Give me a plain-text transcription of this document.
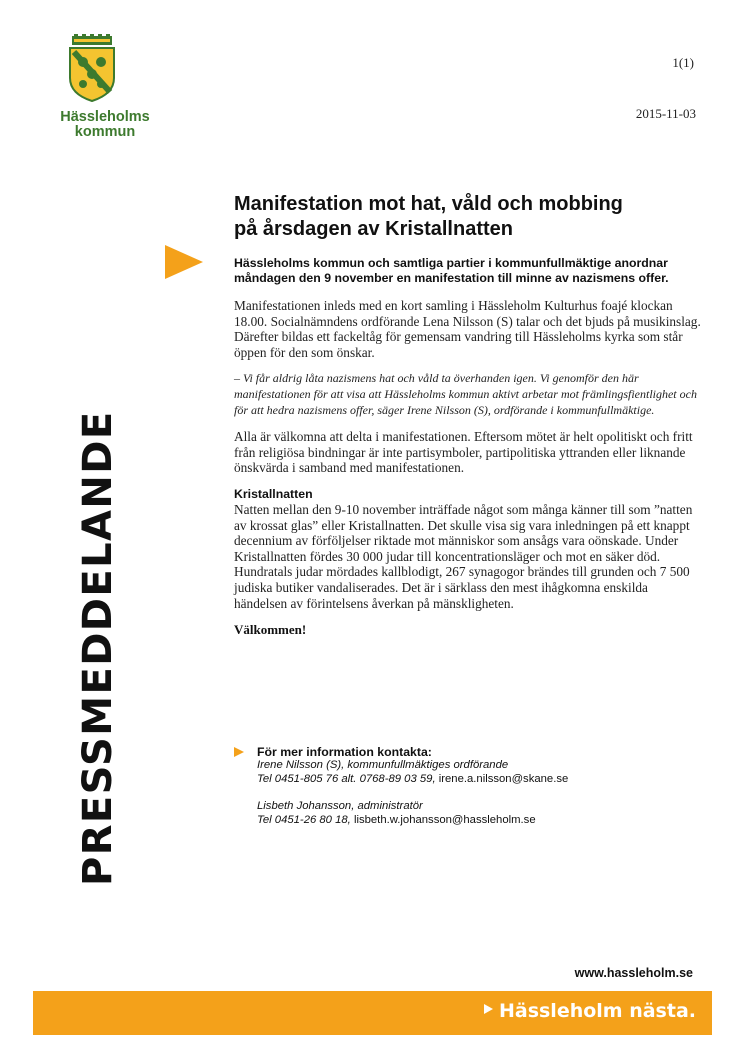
Hässleholms
kommun
1(1)
2015-11-03
PRESSMEDDELANDE
Manifestation mot hat, våld och mobbing
på årsdagen av Kristallnatten

Hässleholms kommun och samtliga partier i kommunfullmäktige anordnar måndagen den 9 november en manifestation till minne av nazismens offer.

Manifestationen inleds med en kort samling i Hässleholm Kulturhus foajé klockan 18.00. Socialnämndens ordförande Lena Nilsson (S) talar och det bjuds på musikinslag. Därefter bildas ett fackeltåg för gemensam vandring till Hässleholms kyrka som står öppen för den som önskar.

– Vi får aldrig låta nazismens hat och våld ta överhanden igen. Vi genomför den här manifestationen för att visa att Hässleholms kommun aktivt arbetar mot främlingsfientlighet och för att hedra nazismens offer, säger Irene Nilsson (S), ordförande i kommunfullmäktige.

Alla är välkomna att delta i manifestationen. Eftersom mötet är helt opolitiskt och fritt från religiösa bindningar är inte partisymboler, partipolitiska yttranden eller liknande önskvärda i samband med manifestationen.

Kristallnatten

Natten mellan den 9-10 november inträffade något som många känner till som ”natten av krossat glas” eller Kristallnatten. Det skulle visa sig vara inledningen på ett knappt decennium av förföljelser riktade mot människor som ansågs vara oönskade. Under Kristallnatten fördes 30 000 judar till koncentrationsläger och mot en säker död. Hundratals judar mördades kallblodigt, 267 synagogor brändes till grunden och 7 500 judiska butiker vandaliserades. Det är i särklass den mest ihågkomna enskilda händelsen av förintelsens åverkan på mänskligheten.

Välkommen!

För mer information kontakta:
Irene Nilsson (S), kommunfullmäktiges ordförande
Tel 0451-805 76 alt. 0768-89 03 59, irene.a.nilsson@skane.se
Lisbeth Johansson, administratör
Tel 0451-26 80 18, lisbeth.w.johansson@hassleholm.se
www.hassleholm.se
Hässleholm nästa.
